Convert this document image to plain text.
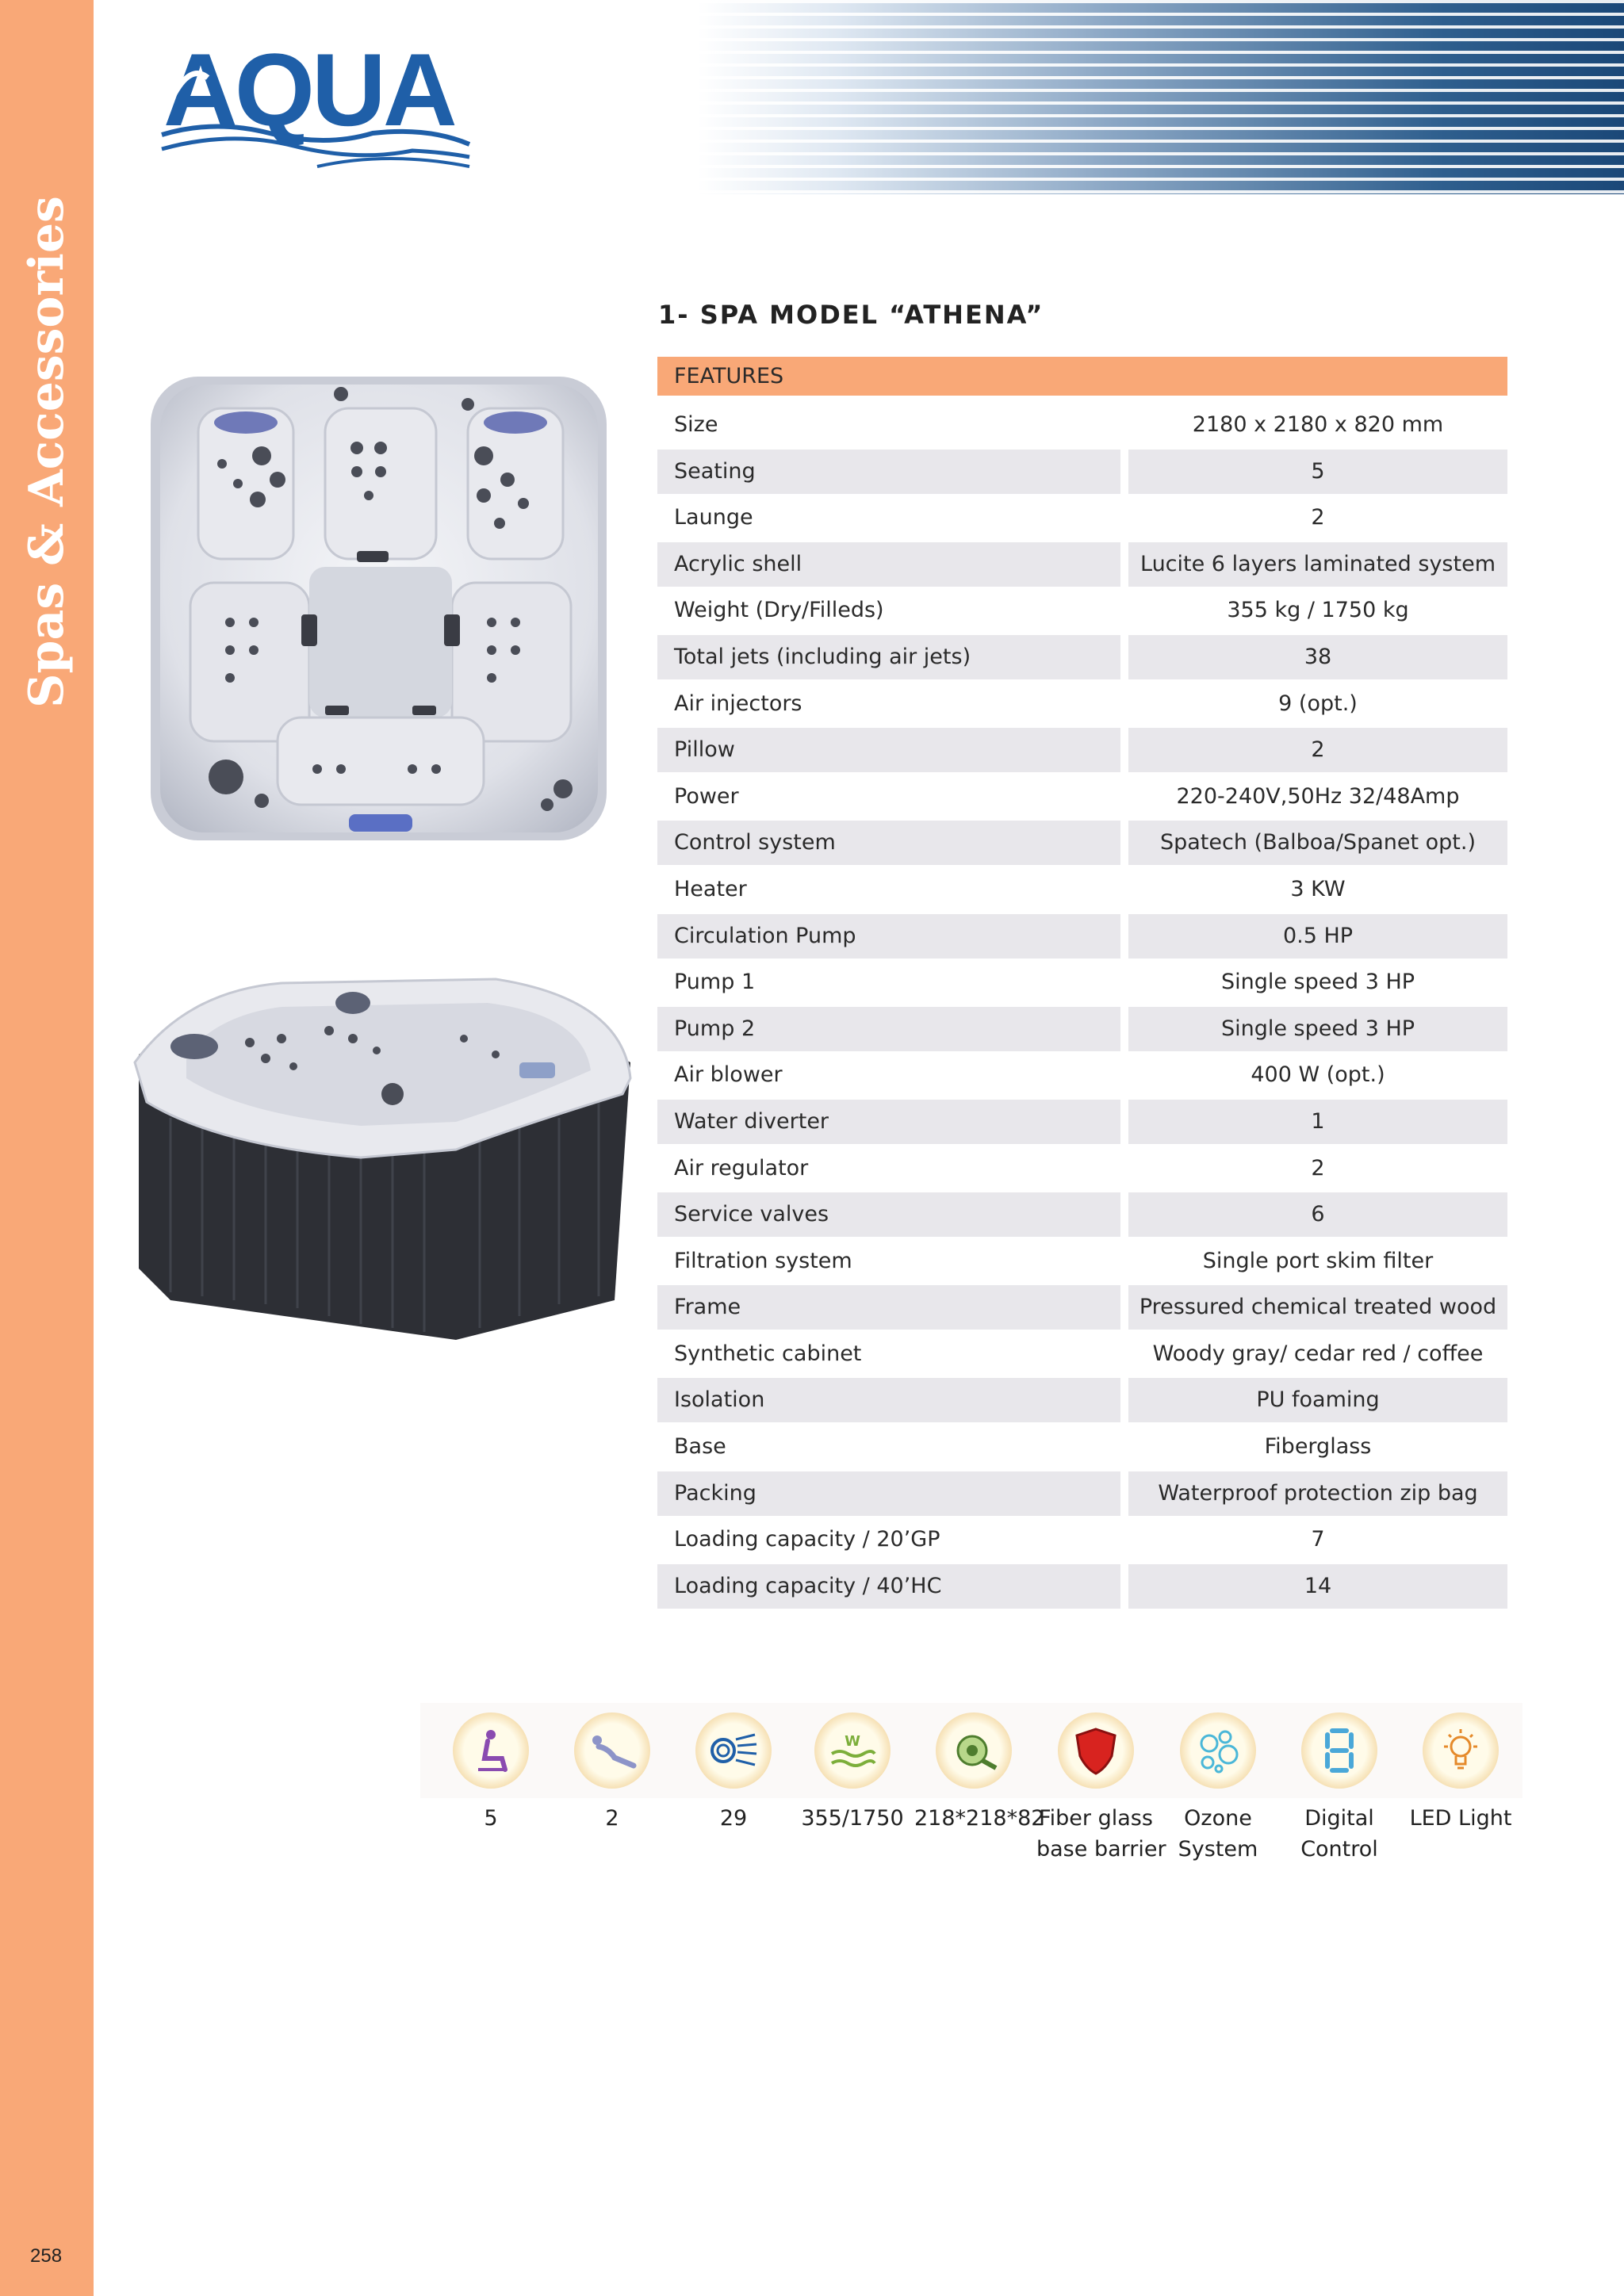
Spas & Accessories
258
AQUA
1- SPA MODEL “ATHENA”
FEATURES
Size	2180 x 2180 x 820 mm
Seating	5
Launge	2
Acrylic shell	Lucite 6 layers laminated system
Weight (Dry/Filleds)	355 kg / 1750 kg
Total jets (including air jets)	38
Air injectors	9 (opt.)
Pillow	2
Power	220-240V,50Hz 32/48Amp
Control system	Spatech (Balboa/Spanet opt.)
Heater	3 KW
Circulation Pump	0.5 HP
Pump 1	Single speed 3 HP
Pump 2	Single speed 3 HP
Air blower	400 W (opt.)
Water diverter	1
Air regulator	2
Service valves	6
Filtration system	Single port skim filter
Frame	Pressured chemical treated wood
Synthetic cabinet	Woody gray/ cedar red / coffee
Isolation	PU foaming
Base	Fiberglass
Packing	Waterproof protection zip bag
Loading capacity / 20’GP	7
Loading capacity / 40’HC	14
5	2	29
W
355/1750 218*218*82
Fiber glass
base barrier
Ozone
System
Digital
Control
LED Light
